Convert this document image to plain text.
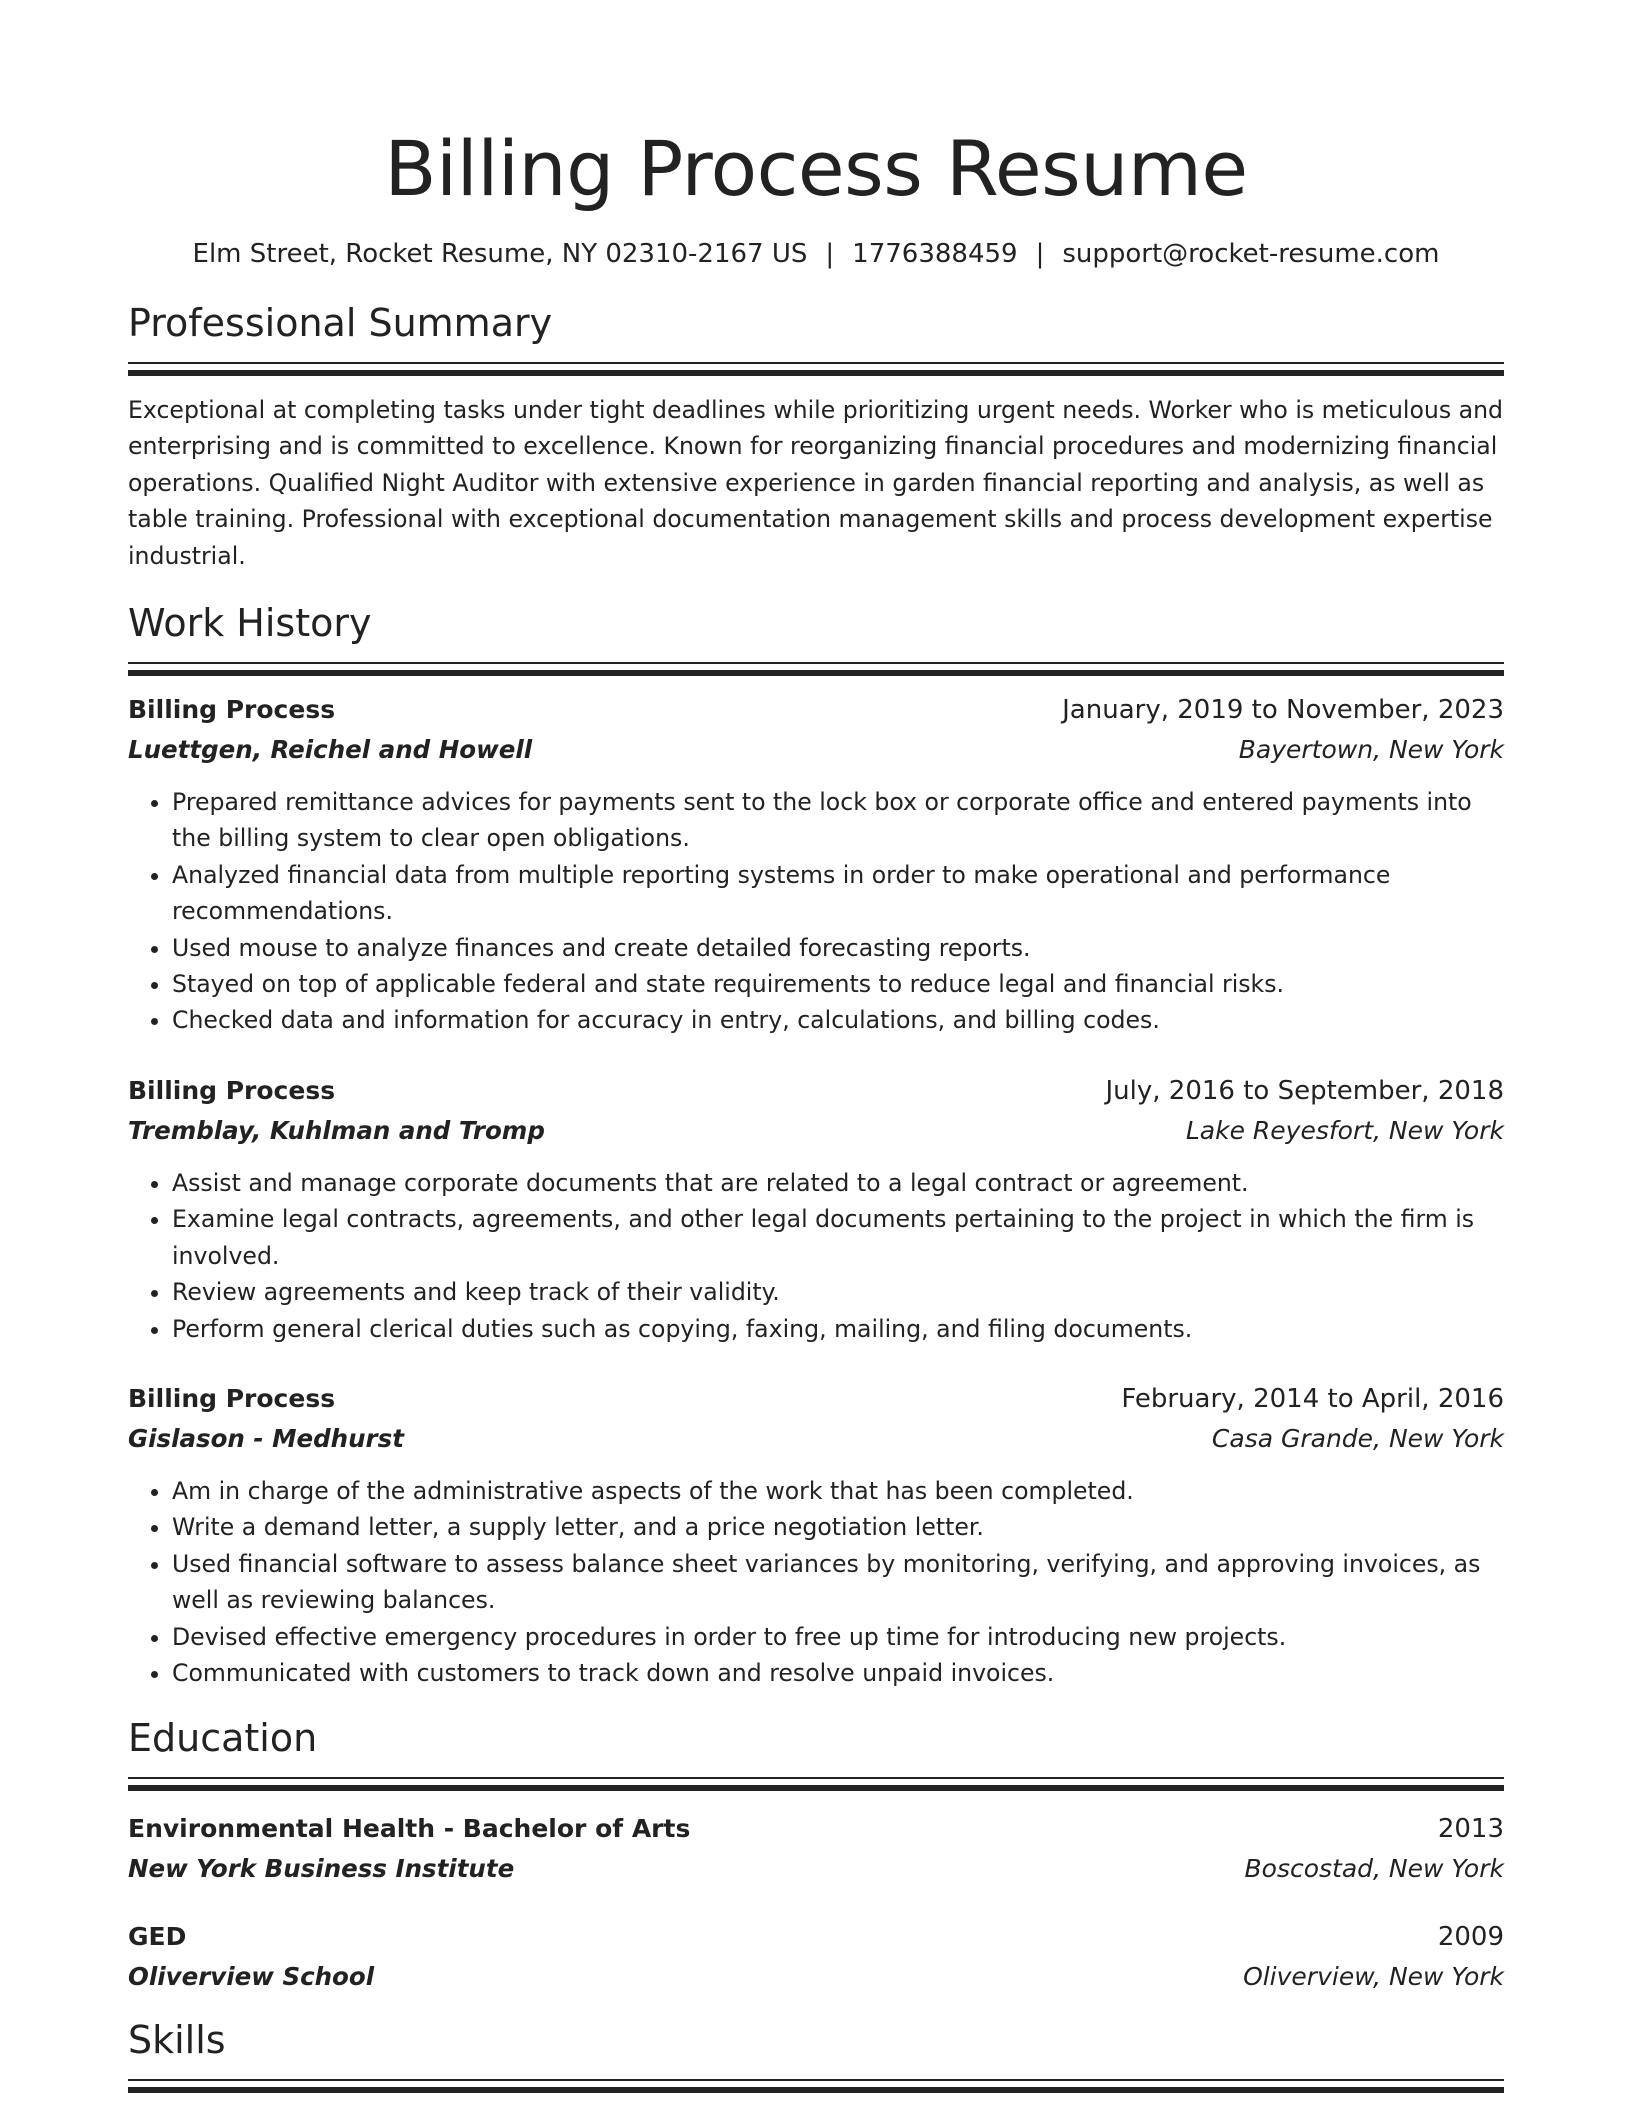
Billing Process Resume
Elm Street, Rocket Resume, NY 02310-2167 US | 1776388459 | support@rocket-resume.com
Professional Summary

Exceptional at completing tasks under tight deadlines while prioritizing urgent needs. Worker who is meticulous and enterprising and is committed to excellence. Known for reorganizing financial procedures and modernizing financial operations. Qualified Night Auditor with extensive experience in garden financial reporting and analysis, as well as table training. Professional with exceptional documentation management skills and process development expertise industrial.

Work History
Billing Process	January, 2019 to November, 2023
Luettgen, Reichel and Howell	Bayertown, New York
• Prepared remittance advices for payments sent to the lock box or corporate office and entered payments into the billing system to clear open obligations.
• Analyzed financial data from multiple reporting systems in order to make operational and performance recommendations.
• Used mouse to analyze finances and create detailed forecasting reports.
• Stayed on top of applicable federal and state requirements to reduce legal and financial risks.
• Checked data and information for accuracy in entry, calculations, and billing codes.
Billing Process	July, 2016 to September, 2018
Tremblay, Kuhlman and Tromp	Lake Reyesfort, New York
• Assist and manage corporate documents that are related to a legal contract or agreement.
• Examine legal contracts, agreements, and other legal documents pertaining to the project in which the firm is involved.
• Review agreements and keep track of their validity.
• Perform general clerical duties such as copying, faxing, mailing, and filing documents.
Billing Process	February, 2014 to April, 2016
Gislason - Medhurst	Casa Grande, New York
• Am in charge of the administrative aspects of the work that has been completed.
• Write a demand letter, a supply letter, and a price negotiation letter.
• Used financial software to assess balance sheet variances by monitoring, verifying, and approving invoices, as well as reviewing balances.
• Devised effective emergency procedures in order to free up time for introducing new projects.
• Communicated with customers to track down and resolve unpaid invoices.
Education
Environmental Health - Bachelor of Arts	2013
New York Business Institute	Boscostad, New York
GED	2009
Oliverview School	Oliverview, New York
Skills
